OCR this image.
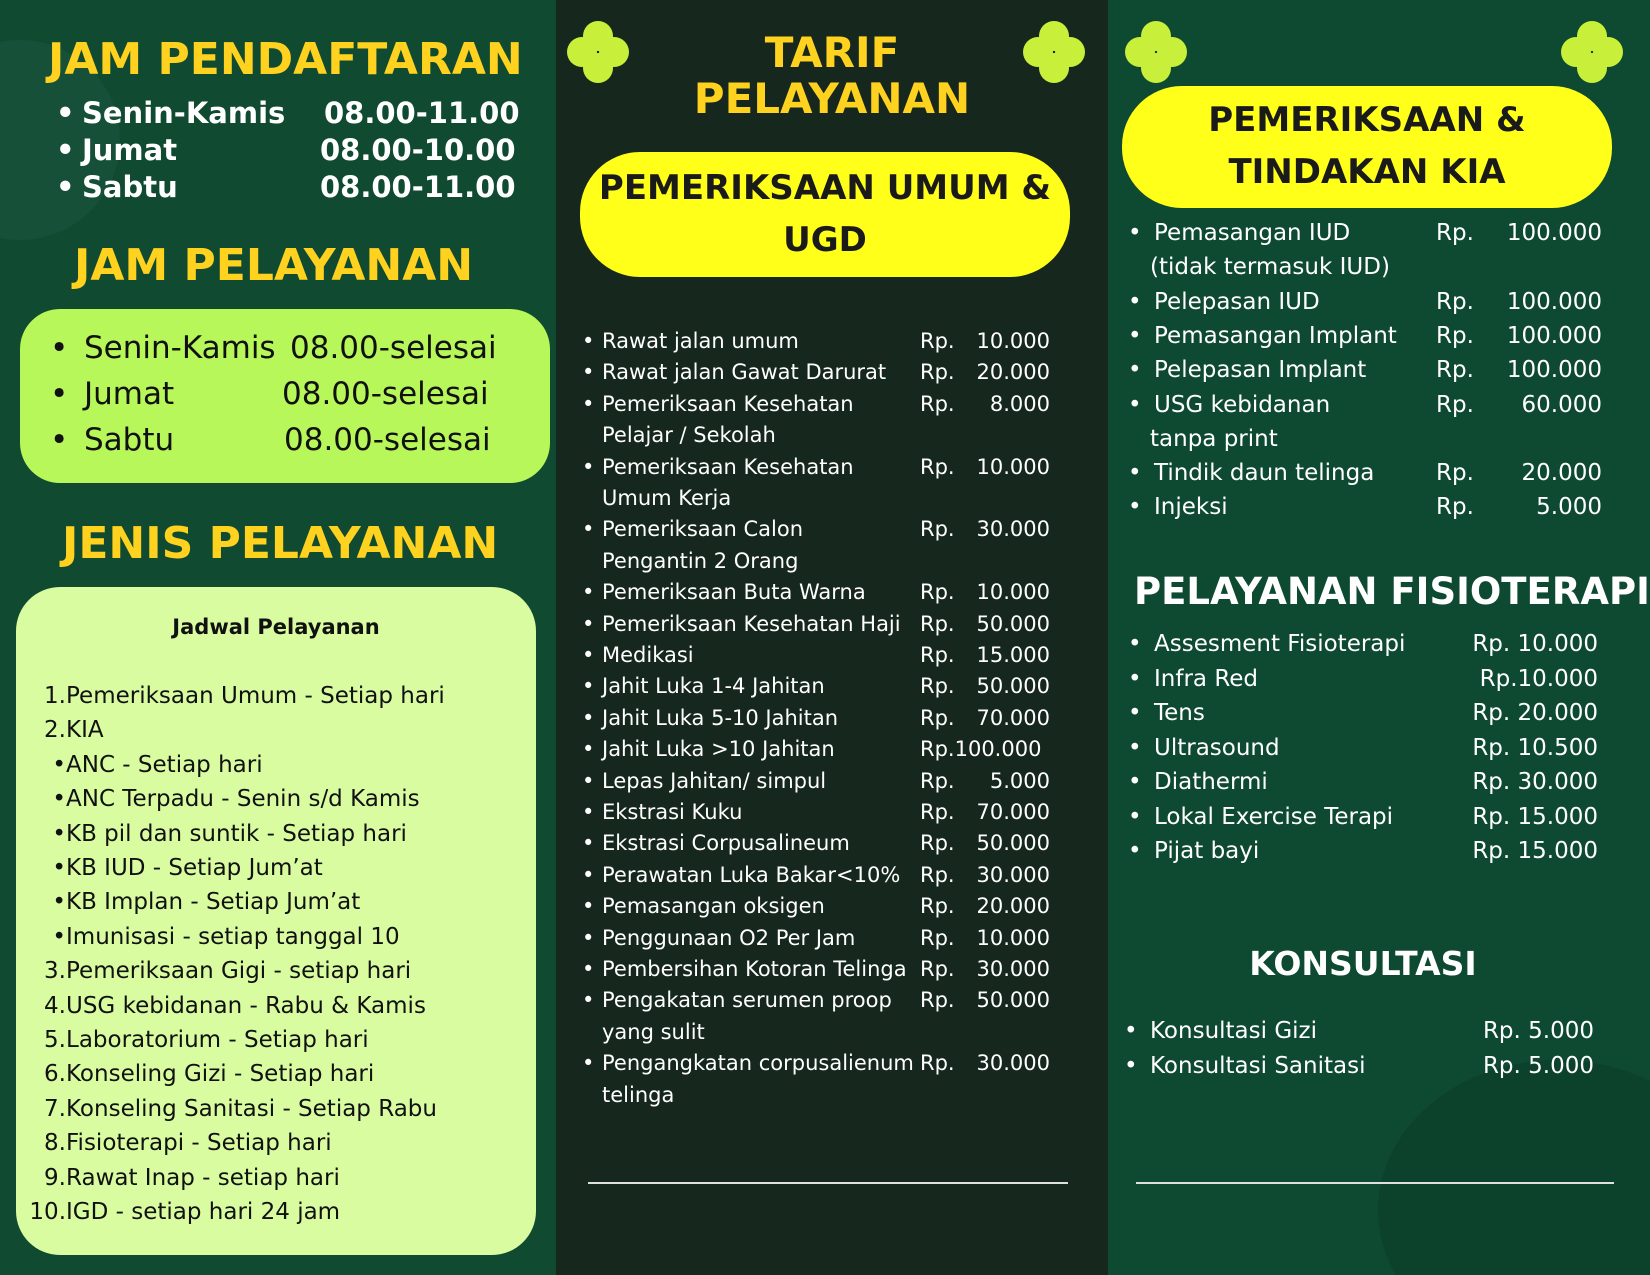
JAM PENDAFTARAN
• Senin-Kamis 08.00-11.00
• Jumat	08.00-10.00
• Sabtu	08.00-11.00
JAM PELAYANAN
• Senin-Kamis 08.00-selesai
• Jumat	08.00-selesai
• Sabtu	08.00-selesai
JENIS PELAYANAN
Jadwal Pelayanan
1. Pemeriksaan Umum - Setiap hari
2. KIA
• ANC - Setiap hari
• ANC Terpadu - Senin s/d Kamis
• KB pil dan suntik - Setiap hari
• KB IUD - Setiap Jum’at
• KB Implan - Setiap Jum’at
• Imunisasi - setiap tanggal 10
3. Pemeriksaan Gigi - setiap hari
4. USG kebidanan - Rabu & Kamis
5. Laboratorium - Setiap hari
6. Konseling Gizi - Setiap hari
7. Konseling Sanitasi - Setiap Rabu
8. Fisioterapi - Setiap hari
9. Rawat Inap - setiap hari
10. IGD - setiap hari 24 jam
TARIF
PELAYANAN
PEMERIKSAAN UMUM &
UGD
• Rawat jalan umum	Rp.	10.000
• Rawat jalan Gawat Darurat Rp.	20.000
• Pemeriksaan Kesehatan	Rp.	8.000
Pelajar / Sekolah
• Pemeriksaan Kesehatan	Rp.	10.000
Umum Kerja
• Pemeriksaan Calon	Rp.	30.000
Pengantin 2 Orang
• Pemeriksaan Buta Warna	Rp.	10.000
• Pemeriksaan Kesehatan Haji Rp.	50.000
• Medikasi	Rp.	15.000
• Jahit Luka 1-4 Jahitan	Rp.	50.000
• Jahit Luka 5-10 Jahitan	Rp.	70.000
• Jahit Luka >10 Jahitan	Rp.100.000
• Lepas Jahitan/ simpul	Rp.	5.000
• Ekstrasi Kuku	Rp.	70.000
• Ekstrasi Corpusalineum	Rp.	50.000
• Perawatan Luka Bakar<10% Rp.	30.000
• Pemasangan oksigen	Rp.	20.000
• Penggunaan O2 Per Jam	Rp.	10.000
• Pembersihan Kotoran Telinga Rp.	30.000
• Pengakatan serumen proop Rp.	50.000
yang sulit
• Pengangkatan corpusalienum Rp.	30.000
telinga
PEMERIKSAAN &
TINDAKAN KIA
• Pemasangan IUD	Rp.	100.000
(tidak termasuk IUD)
• Pelepasan IUD	Rp.	100.000
• Pemasangan Implant Rp.	100.000
• Pelepasan Implant	Rp.	100.000
• USG kebidanan	Rp.	60.000
tanpa print
• Tindik daun telinga	Rp.	20.000
• Injeksi	Rp.	5.000
PELAYANAN FISIOTERAPI
• Assesment Fisioterapi	Rp. 10.000
• Infra Red	Rp.10.000
• Tens	Rp. 20.000
• Ultrasound	Rp. 10.500
• Diathermi	Rp. 30.000
• Lokal Exercise Terapi	Rp. 15.000
• Pijat bayi	Rp. 15.000
KONSULTASI
• Konsultasi Gizi	Rp. 5.000
• Konsultasi Sanitasi	Rp. 5.000
